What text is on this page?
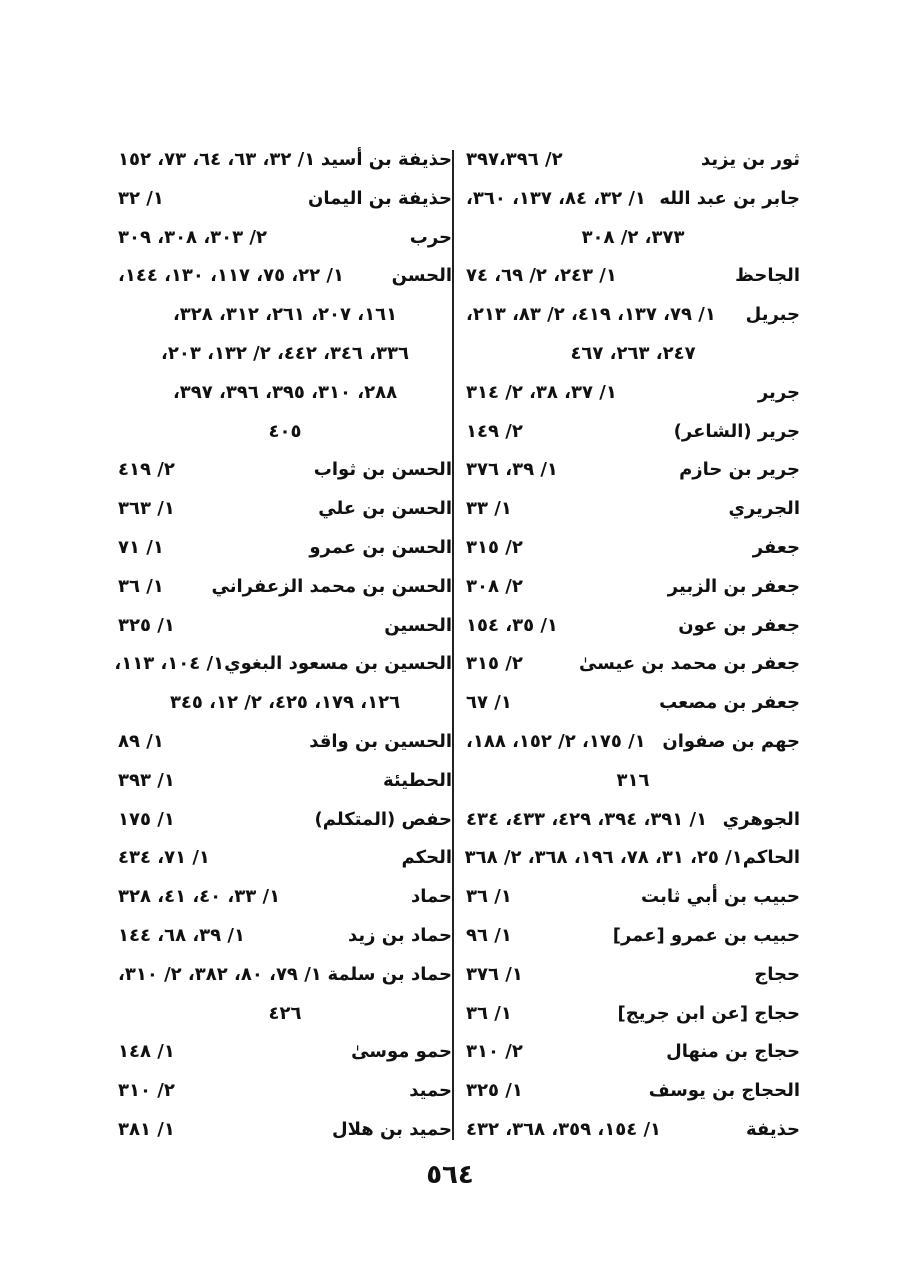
ثور بن يزيد
٢/ ٣٩٧،٣٩٦
جابر بن عبد الله
١/ ٣٢، ٨٤، ١٣٧، ٣٦٠،
٣٧٣، ٢/ ٣٠٨
الجاحظ
١/ ٢٤٣، ٢/ ٦٩، ٧٤
جبريل
١/ ٧٩، ١٣٧، ٤١٩، ٢/ ٨٣، ٢١٣،
٢٤٧، ٢٦٣، ٤٦٧
جرير
١/ ٣٧، ٣٨، ٢/ ٣١٤
جرير (الشاعر)
٢/ ١٤٩
جرير بن حازم
١/ ٣٩، ٣٧٦
الجريري
١/ ٣٣
جعفر
٢/ ٣١٥
جعفر بن الزبير
٢/ ٣٠٨
جعفر بن عون
١/ ٣٥، ١٥٤
جعفر بن محمد بن عيسىٰ
٢/ ٣١٥
جعفر بن مصعب
١/ ٦٧
جهم بن صفوان
١/ ١٧٥، ٢/ ١٥٢، ١٨٨،
٣١٦
الجوهري
١/ ٣٩١، ٣٩٤، ٤٢٩، ٤٣٣، ٤٣٤
الحاكم
١/ ٢٥، ٣١، ٧٨، ١٩٦، ٣٦٨، ٢/ ٣٦٨
حبيب بن أبي ثابت
١/ ٣٦
حبيب بن عمرو [عمر]
١/ ٩٦
حجاج
١/ ٣٧٦
حجاج [عن ابن جريج]
١/ ٣٦
حجاج بن منهال
٢/ ٣١٠
الحجاج بن يوسف
١/ ٣٢٥
حذيفة
١/ ١٥٤، ٣٥٩، ٣٦٨، ٤٣٢
حذيفة بن أسيد
١/ ٣٢، ٦٣، ٦٤، ٧٣، ١٥٢
حذيفة بن اليمان
١/ ٣٢
حرب
٢/ ٣٠٣، ٣٠٨، ٣٠٩
الحسن
١/ ٢٢، ٧٥، ١١٧، ١٣٠، ١٤٤،
١٦١، ٢٠٧، ٢٦١، ٣١٢، ٣٢٨،
٣٣٦، ٣٤٦، ٤٤٢، ٢/ ١٣٢، ٢٠٣،
٢٨٨، ٣١٠، ٣٩٥، ٣٩٦، ٣٩٧،
٤٠٥
الحسن بن ثواب
٢/ ٤١٩
الحسن بن علي
١/ ٣٦٣
الحسن بن عمرو
١/ ٧١
الحسن بن محمد الزعفراني
١/ ٣٦
الحسين
١/ ٣٢٥
الحسين بن مسعود البغوي
١/ ١٠٤، ١١٣،
١٢٦، ١٧٩، ٤٢٥، ٢/ ١٢، ٣٤٥
الحسين بن واقد
١/ ٨٩
الحطيئة
١/ ٣٩٣
حفص (المتكلم)
١/ ١٧٥
الحكم
١/ ٧١، ٤٣٤
حماد
١/ ٣٣، ٤٠، ٤١، ٣٢٨
حماد بن زيد
١/ ٣٩، ٦٨، ١٤٤
حماد بن سلمة
١/ ٧٩، ٨٠، ٣٨٢، ٢/ ٣١٠،
٤٢٦
حمو موسىٰ
١/ ١٤٨
حميد
٢/ ٣١٠
حميد بن هلال
١/ ٣٨١
٥٦٤
